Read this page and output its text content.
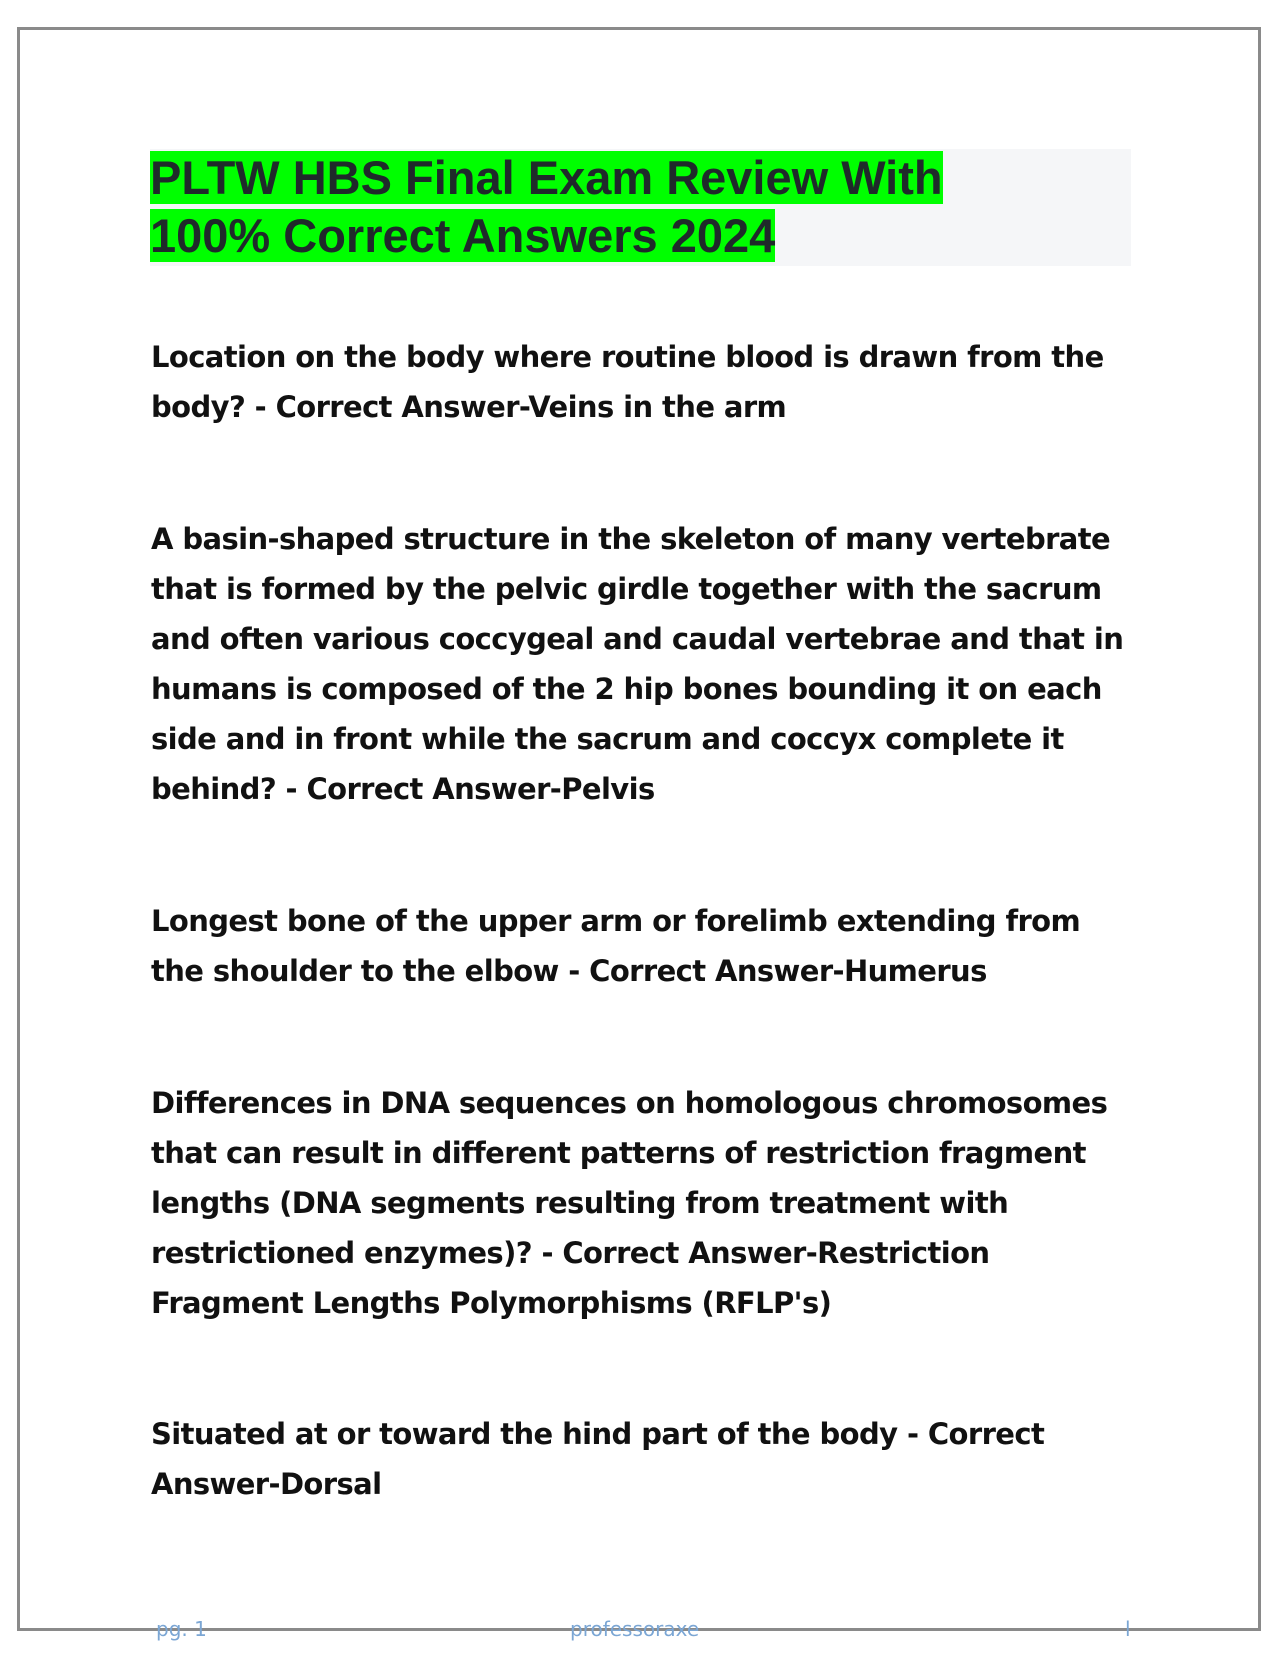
PLTW HBS Final Exam Review With
100% Correct Answers 2024

Location on the body where routine blood is drawn from the body? - Correct Answer-Veins in the arm

A basin-shaped structure in the skeleton of many vertebrate that is formed by the pelvic girdle together with the sacrum and often various coccygeal and caudal vertebrae and that in humans is composed of the 2 hip bones bounding it on each side and in front while the sacrum and coccyx complete it behind? - Correct Answer-Pelvis

Longest bone of the upper arm or forelimb extending from the shoulder to the elbow - Correct Answer-Humerus

Differences in DNA sequences on homologous chromosomes that can result in different patterns of restriction fragment lengths (DNA segments resulting from treatment with restrictioned enzymes)? - Correct Answer-Restriction Fragment Lengths Polymorphisms (RFLP's)

Situated at or toward the hind part of the body - Correct Answer-Dorsal

pg. 1	professoraxe	l
